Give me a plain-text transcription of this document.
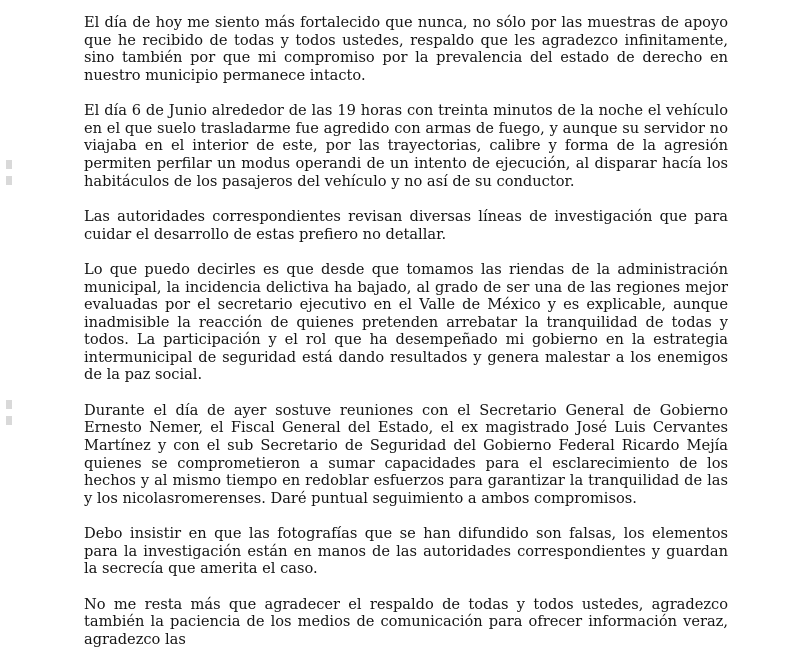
El día de hoy me siento más fortalecido que nunca, no sólo por las muestras de apoyo que he recibido de todas y todos ustedes, respaldo que les agradezco infinitamente, sino también por que mi compromiso por la prevalencia del estado de derecho en nuestro municipio permanece intacto.

El día 6 de Junio alrededor de las 19 horas con treinta minutos de la noche el vehículo en el que suelo trasladarme fue agredido con armas de fuego, y aunque su servidor no viajaba en el interior de este, por las trayectorias, calibre y forma de la agresión permiten perfilar un modus operandi de un intento de ejecución, al disparar hacía los habitáculos de los pasajeros del vehículo y no así de su conductor.

Las autoridades correspondientes revisan diversas líneas de investigación que para cuidar el desarrollo de estas prefiero no detallar.

Lo que puedo decirles es que desde que tomamos las riendas de la administración municipal, la incidencia delictiva ha bajado, al grado de ser una de las regiones mejor evaluadas por el secretario ejecutivo en el Valle de México y es explicable, aunque inadmisible la reacción de quienes pretenden arrebatar la tranquilidad de todas y todos. La participación y el rol que ha desempeñado mi gobierno en la estrategia intermunicipal de seguridad está dando resultados y genera malestar a los enemigos de la paz social.

Durante el día de ayer sostuve reuniones con el Secretario General de Gobierno Ernesto Nemer, el Fiscal General del Estado, el ex magistrado José Luis Cervantes Martínez y con el sub Secretario de Seguridad del Gobierno Federal Ricardo Mejía quienes se comprometieron a sumar capacidades para el esclarecimiento de los hechos y al mismo tiempo en redoblar esfuerzos para garantizar la tranquilidad de las y los nicolasromerenses. Daré puntual seguimiento a ambos compromisos.

Debo insistir en que las fotografías que se han difundido son falsas, los elementos para la investigación están en manos de las autoridades correspondientes y guardan la secrecía que amerita el caso.

No me resta más que agradecer el respaldo de todas y todos ustedes, agradezco también la paciencia de los medios de comunicación para ofrecer información veraz, agradezco las
